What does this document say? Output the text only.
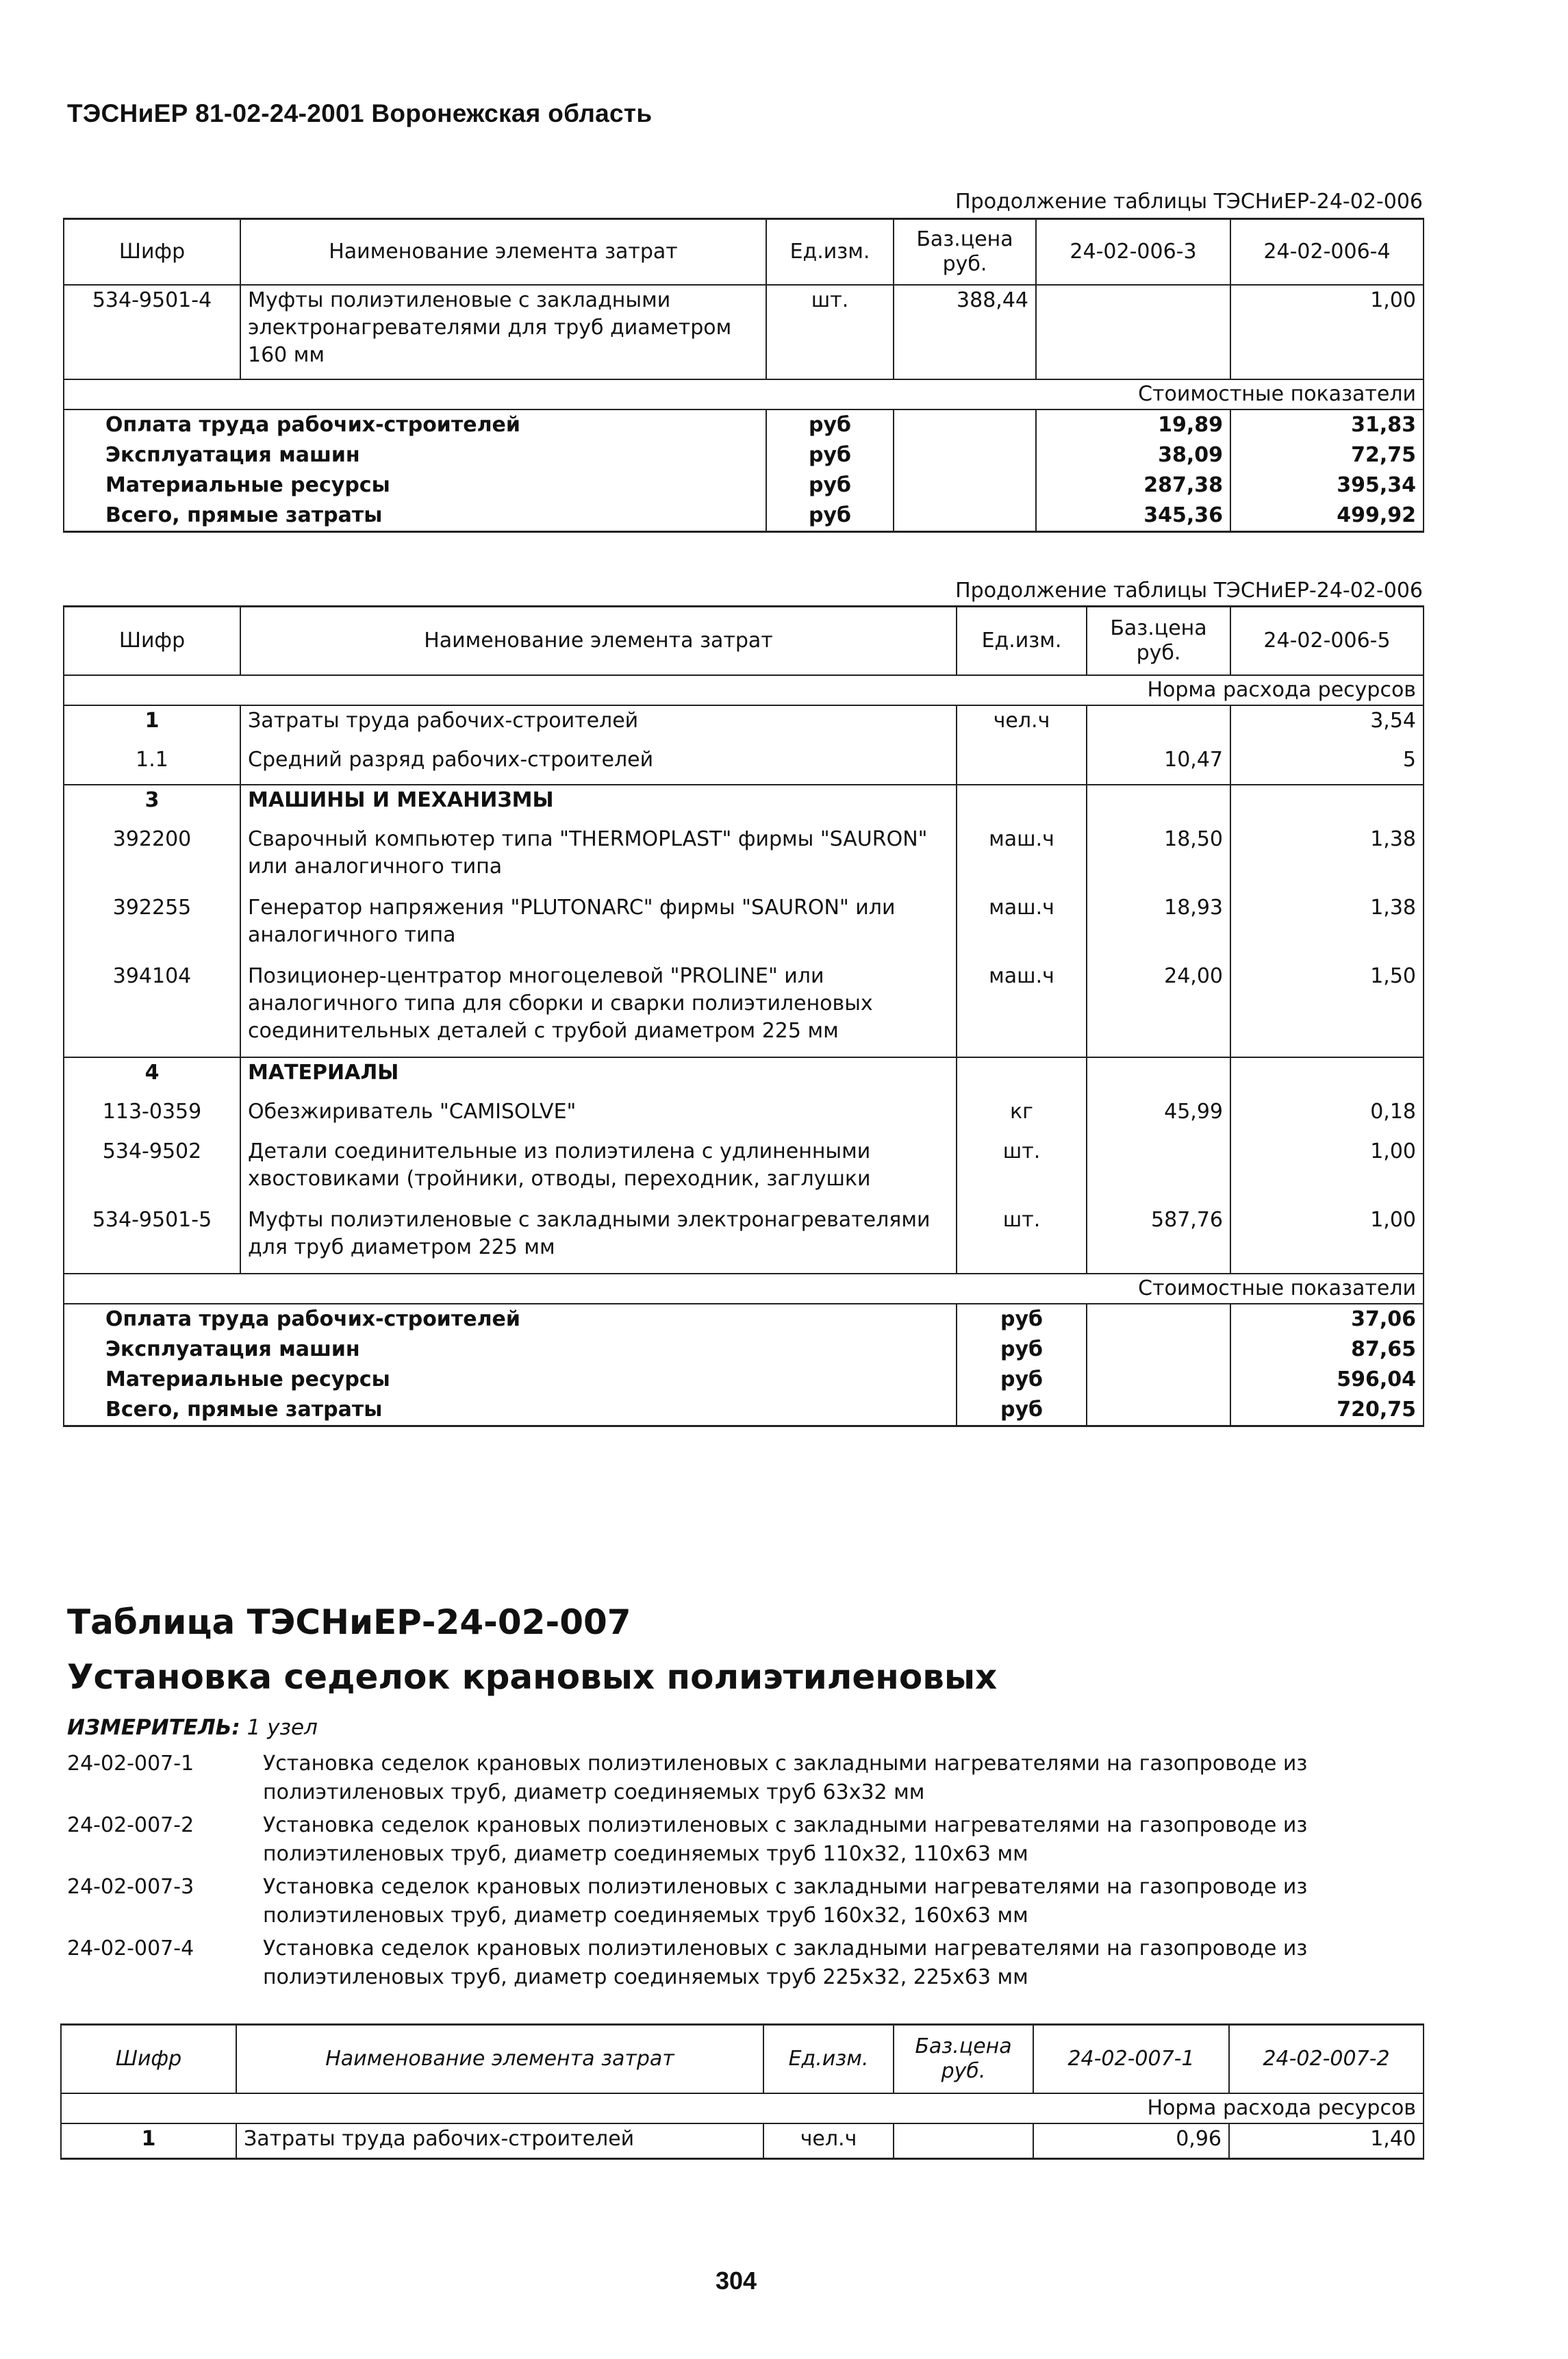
ТЭСНиЕР 81-02-24-2001 Воронежская область
Продолжение таблицы ТЭСНиЕР-24-02-006
Шифр	Наименование элемента затрат	Ед.изм.	Баз.цена руб.	24-02-006-3	24-02-006-4
534-9501-4	Муфты полиэтиленовые с закладными электронагревателями для труб диаметром 160 мм	шт.	388,44		1,00
Стоимостные показатели					
Оплата труда рабочих-строителей		руб		19,89	31,83
Эксплуатация машин		руб		38,09	72,75
Материальные ресурсы		руб		287,38	395,34
Всего, прямые затраты		руб		345,36	499,92
Продолжение таблицы ТЭСНиЕР-24-02-006
Шифр	Наименование элемента затрат	Ед.изм.	Баз.цена руб.	24-02-006-5
Норма расхода ресурсов				
1	Затраты труда рабочих-строителей	чел.ч		3,54
1.1	Средний разряд рабочих-строителей		10,47	5
3	МАШИНЫ И МЕХАНИЗМЫ			
392200	Сварочный компьютер типа "THERMOPLAST" фирмы "SAURON" или аналогичного типа	маш.ч	18,50	1,38
392255	Генератор напряжения "PLUTONARC" фирмы "SAURON" или аналогичного типа	маш.ч	18,93	1,38
394104	Позиционер-центратор многоцелевой "PROLINE" или аналогичного типа для сборки и сварки полиэтиленовых соединительных деталей с трубой диаметром 225 мм	маш.ч	24,00	1,50
4	МАТЕРИАЛЫ			
113-0359	Обезжириватель "CAMISOLVE"	кг	45,99	0,18
534-9502	Детали соединительные из полиэтилена с удлиненными хвостовиками (тройники, отводы, переходник, заглушки	шт.		1,00
534-9501-5	Муфты полиэтиленовые с закладными электронагревателями для труб диаметром 225 мм	шт.	587,76	1,00
Стоимостные показатели				
Оплата труда рабочих-строителей		руб		37,06
Эксплуатация машин		руб		87,65
Материальные ресурсы		руб		596,04
Всего, прямые затраты		руб		720,75
Таблица ТЭСНиЕР-24-02-007
Установка седелок крановых полиэтиленовых
ИЗМЕРИТЕЛЬ: 1 узел
24-02-007-1	Установка седелок крановых полиэтиленовых с закладными нагревателями на газопроводе из полиэтиленовых труб, диаметр соединяемых труб 63х32 мм
24-02-007-2	Установка седелок крановых полиэтиленовых с закладными нагревателями на газопроводе из полиэтиленовых труб, диаметр соединяемых труб 110х32, 110х63 мм
24-02-007-3	Установка седелок крановых полиэтиленовых с закладными нагревателями на газопроводе из полиэтиленовых труб, диаметр соединяемых труб 160х32, 160х63 мм
24-02-007-4	Установка седелок крановых полиэтиленовых с закладными нагревателями на газопроводе из полиэтиленовых труб, диаметр соединяемых труб 225х32, 225х63 мм
Шифр	Наименование элемента затрат	Ед.изм.	Баз.цена руб.	24-02-007-1	24-02-007-2
Норма расхода ресурсов					
1	Затраты труда рабочих-строителей	чел.ч		0,96	1,40
304
